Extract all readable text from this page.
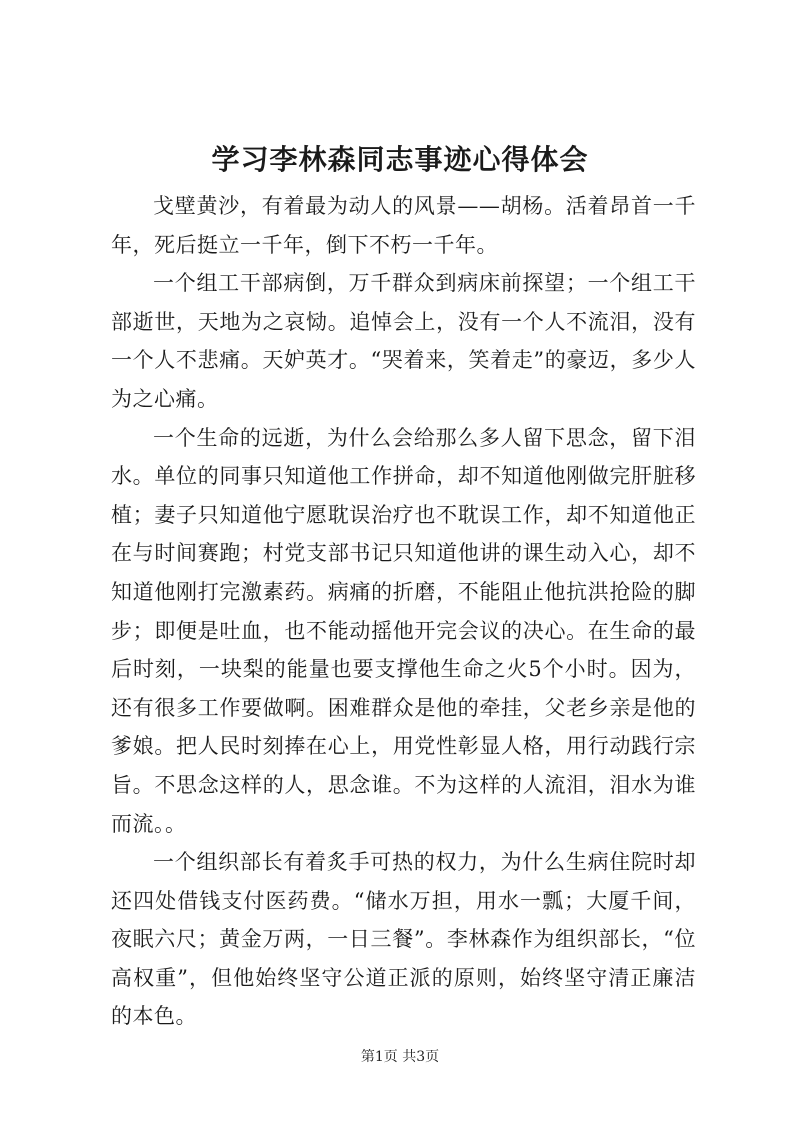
学习李林森同志事迹心得体会

戈壁黄沙，有着最为动人的风景——胡杨。活着昂首一千年，死后挺立一千年，倒下不朽一千年。

一个组工干部病倒，万千群众到病床前探望；一个组工干部逝世，天地为之哀恸。追悼会上，没有一个人不流泪，没有一个人不悲痛。天妒英才。“哭着来，笑着走”的豪迈，多少人为之心痛。

一个生命的远逝，为什么会给那么多人留下思念，留下泪水。单位的同事只知道他工作拼命，却不知道他刚做完肝脏移植；妻子只知道他宁愿耽误治疗也不耽误工作，却不知道他正在与时间赛跑；村党支部书记只知道他讲的课生动入心，却不知道他刚打完激素药。病痛的折磨，不能阻止他抗洪抢险的脚步；即便是吐血，也不能动摇他开完会议的决心。在生命的最后时刻，一块梨的能量也要支撑他生命之火5个小时。因为，还有很多工作要做啊。困难群众是他的牵挂，父老乡亲是他的爹娘。把人民时刻捧在心上，用党性彰显人格，用行动践行宗旨。不思念这样的人，思念谁。不为这样的人流泪，泪水为谁而流。。

一个组织部长有着炙手可热的权力，为什么生病住院时却还四处借钱支付医药费。“储水万担，用水一瓢；大厦千间，夜眠六尺；黄金万两，一日三餐”。李林森作为组织部长，“位高权重”，但他始终坚守公道正派的原则，始终坚守清正廉洁的本色。

第1页 共3页
